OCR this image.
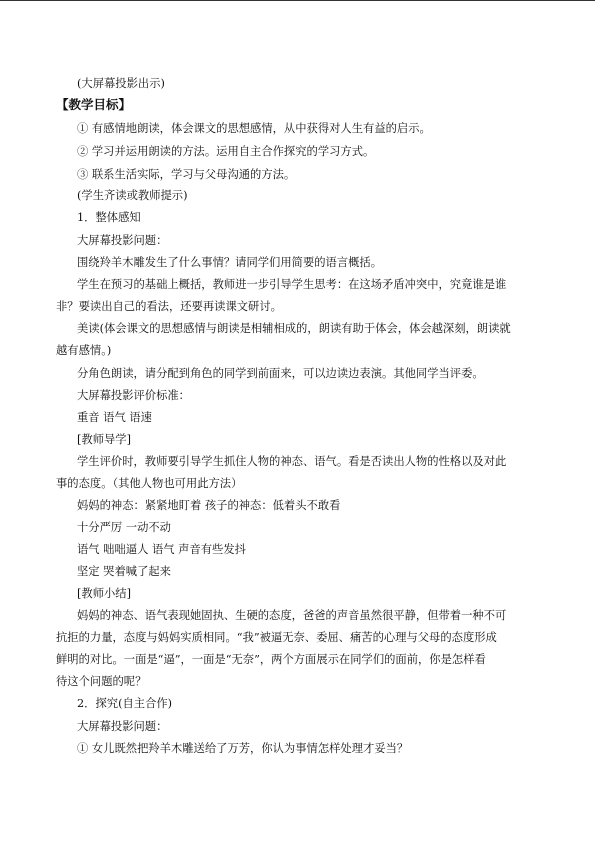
(大屏幕投影出示)
【教学目标】
① 有感情地朗读，体会课文的思想感情，从中获得对人生有益的启示。
② 学习并运用朗读的方法。运用自主合作探究的学习方式。
③ 联系生活实际，学习与父母沟通的方法。
(学生齐读或教师提示)
1．整体感知
大屏幕投影问题：
围绕羚羊木雕发生了什么事情？请同学们用简要的语言概括。
学生在预习的基础上概括，教师进一步引导学生思考：在这场矛盾冲突中，究竟谁是谁
非？要读出自己的看法，还要再读课文研讨。
美读(体会课文的思想感情与朗读是相辅相成的，朗读有助于体会，体会越深刻，朗读就
越有感情。)
分角色朗读，请分配到角色的同学到前面来，可以边读边表演。其他同学当评委。
大屏幕投影评价标准：
重音 语气 语速
[教师导学]
学生评价时，教师要引导学生抓住人物的神态、语气。看是否读出人物的性格以及对此
事的态度。（其他人物也可用此方法）
妈妈的神态：紧紧地盯着 孩子的神态：低着头不敢看
十分严厉 一动不动
语气 咄咄逼人 语气 声音有些发抖
坚定 哭着喊了起来
[教师小结]
妈妈的神态、语气表现她固执、生硬的态度，爸爸的声音虽然很平静，但带着一种不可
抗拒的力量，态度与妈妈实质相同。“我”被逼无奈、委屈、痛苦的心理与父母的态度形成
鲜明的对比。一面是“逼”，一面是“无奈”，两个方面展示在同学们的面前，你是怎样看
待这个问题的呢？
2．探究(自主合作)
大屏幕投影问题：
① 女儿既然把羚羊木雕送给了万芳，你认为事情怎样处理才妥当？
